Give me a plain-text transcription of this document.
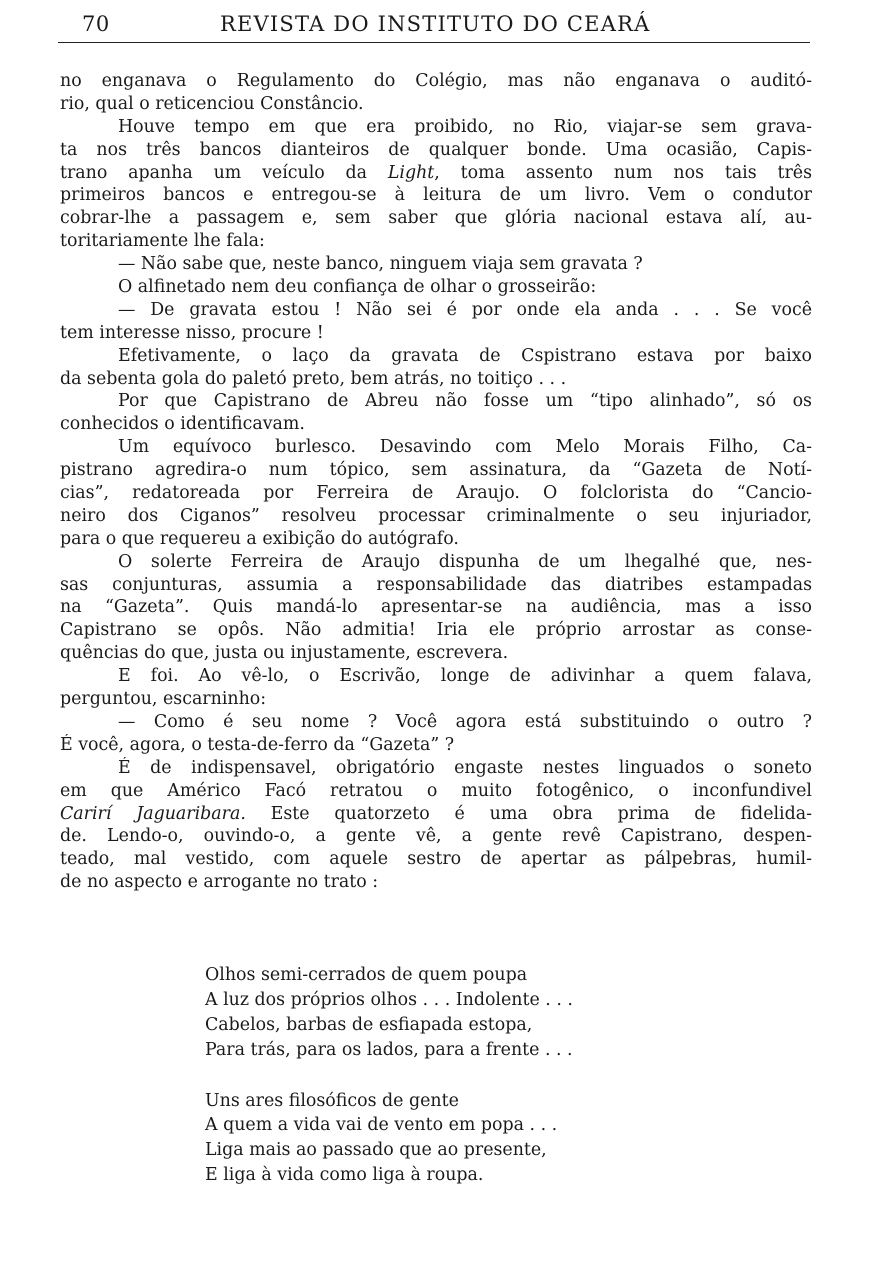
70	REVISTA DO INSTITUTO DO CEARÁ
no enganava o Regulamento do Colégio, mas não enganava o auditó-
rio, qual o reticenciou Constâncio.
Houve tempo em que era proibido, no Rio, viajar-se sem grava-
ta nos três bancos dianteiros de qualquer bonde. Uma ocasião, Capis-
trano apanha um veículo da Light, toma assento num nos tais três
primeiros bancos e entregou-se à leitura de um livro. Vem o condutor
cobrar-lhe a passagem e, sem saber que glória nacional estava alí, au-
toritariamente lhe fala:
— Não sabe que, neste banco, ninguem viaja sem gravata ?
O alfinetado nem deu confiança de olhar o grosseirão:
— De gravata estou ! Não sei é por onde ela anda . . . Se você
tem interesse nisso, procure !
Efetivamente, o laço da gravata de Cspistrano estava por baixo
da sebenta gola do paletó preto, bem atrás, no toitiço . . .
Por que Capistrano de Abreu não fosse um “tipo alinhado”, só os
conhecidos o identificavam.
Um equívoco burlesco. Desavindo com Melo Morais Filho, Ca-
pistrano agredira-o num tópico, sem assinatura, da “Gazeta de Notí-
cias”, redatoreada por Ferreira de Araujo. O folclorista do “Cancio-
neiro dos Ciganos” resolveu processar criminalmente o seu injuriador,
para o que requereu a exibição do autógrafo.
O solerte Ferreira de Araujo dispunha de um lhegalhé que, nes-
sas conjunturas, assumia a responsabilidade das diatribes estampadas
na “Gazeta”. Quis mandá-lo apresentar-se na audiência, mas a isso
Capistrano se opôs. Não admitia! Iria ele próprio arrostar as conse-
quências do que, justa ou injustamente, escrevera.
E foi. Ao vê-lo, o Escrivão, longe de adivinhar a quem falava,
perguntou, escarninho:
— Como é seu nome ? Você agora está substituindo o outro ?
É você, agora, o testa-de-ferro da “Gazeta” ?
É de indispensavel, obrigatório engaste nestes linguados o soneto
em que Américo Facó retratou o muito fotogênico, o inconfundivel
Carirí Jaguaribara. Este quatorzeto é uma obra prima de fidelida-
de. Lendo-o, ouvindo-o, a gente vê, a gente revê Capistrano, despen-
teado, mal vestido, com aquele sestro de apertar as pálpebras, humil-
de no aspecto e arrogante no trato :
Olhos semi-cerrados de quem poupa
A luz dos próprios olhos . . . Indolente . . .
Cabelos, barbas de esfiapada estopa,
Para trás, para os lados, para a frente . . .
Uns ares filosóficos de gente
A quem a vida vai de vento em popa . . .
Liga mais ao passado que ao presente,
E liga à vida como liga à roupa.
